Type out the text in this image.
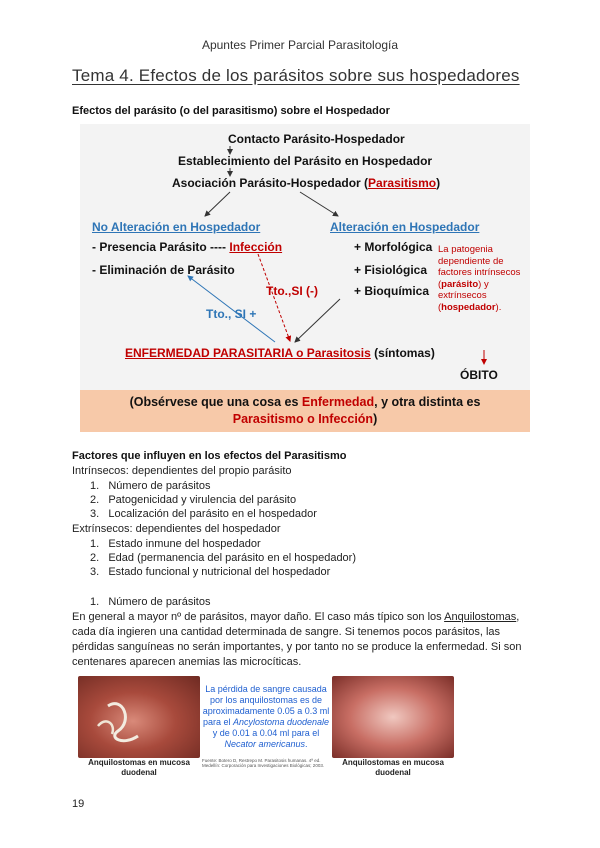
Apuntes Primer Parcial Parasitología
Tema 4. Efectos de los parásitos sobre sus hospedadores
Efectos del parásito (o del parasitismo) sobre el Hospedador
Contacto Parásito-Hospedador
Establecimiento del Parásito en Hospedador
Asociación Parásito-Hospedador (Parasitismo)
No Alteración en Hospedador
- Presencia Parásito ---- Infección
- Eliminación de Parásito
Alteración en Hospedador
+ Morfológica
+ Fisiológica
+ Bioquímica
Tto.,SI (-)
Tto., SI +
La patogenia dependiente de factores intrínsecos (parásito) y extrínsecos (hospedador).
ENFERMEDAD PARASITARIA o Parasitosis (síntomas)
ÓBITO
(Obsérvese que una cosa es Enfermedad, y otra distinta es
Parasitismo o Infección)
Factores que influyen en los efectos del Parasitismo
Intrínsecos: dependientes del propio parásito
1.   Número de parásitos
2.   Patogenicidad y virulencia del parásito
3.   Localización del parásito en el hospedador
Extrínsecos: dependientes del hospedador
1.   Estado inmune del hospedador
2.   Edad (permanencia del parásito en el hospedador)
3.   Estado funcional y nutricional del hospedador
1.   Número de parásitos
En general a mayor nº de parásitos, mayor daño. El caso más típico son los Anquilostomas, cada día ingieren una cantidad determinada de sangre. Si tenemos pocos parásitos, las pérdidas sanguíneas no serán importantes, y por tanto no se produce la enfermedad. Si son centenares aparecen anemias las microcíticas.
Anquilostomas en mucosa duodenal
La pérdida de sangre causada por los anquilostomas es de aproximadamente 0.05 a 0.3 ml para el Ancylostoma duodenale y de 0.01 a 0.04 ml para el Necator americanus.
Fuente: Botero D, Restrepo M. Parasitosis humanas. 4ª ed. Medellín: Corporación para Investigaciones Biológicas; 2003.	Anquilostomas en mucosa duodenal
19
